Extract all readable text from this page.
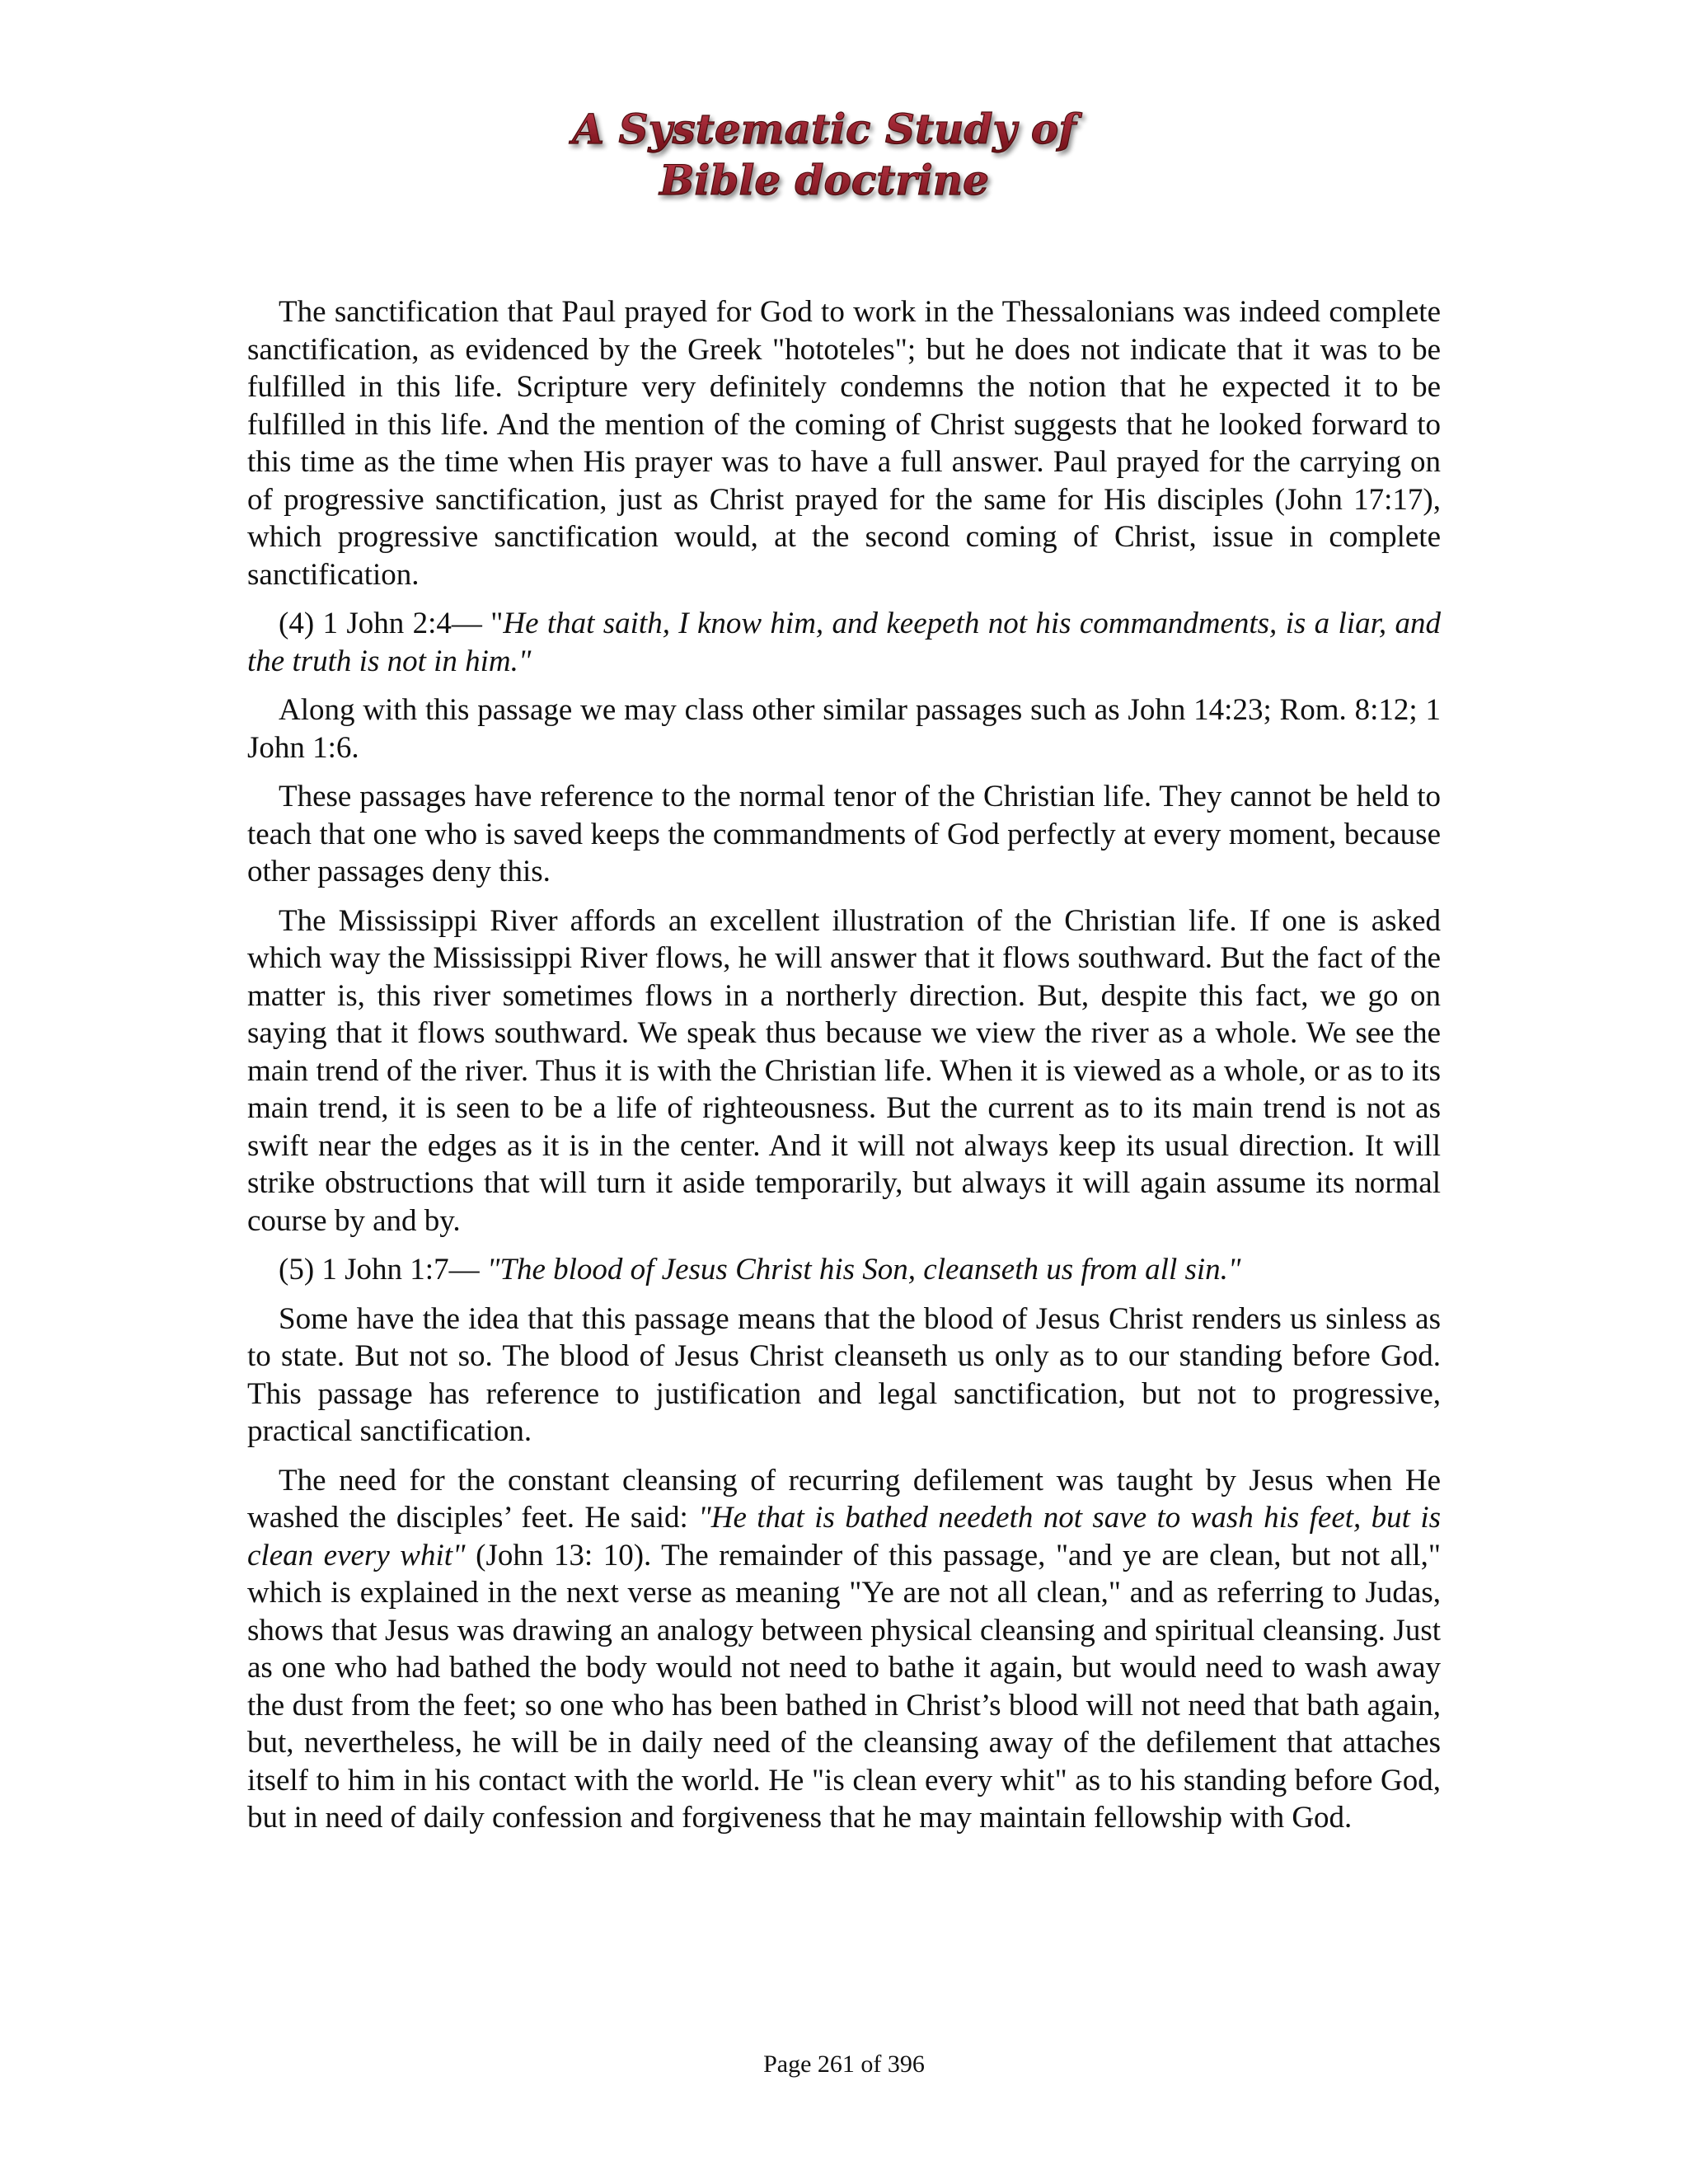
A Systematic Study of
Bible doctrine

The sanctification that Paul prayed for God to work in the Thessalonians was indeed complete sanctification, as evidenced by the Greek "hototeles"; but he does not indicate that it was to be fulfilled in this life. Scripture very definitely condemns the notion that he expected it to be fulfilled in this life. And the mention of the coming of Christ suggests that he looked forward to this time as the time when His prayer was to have a full answer. Paul prayed for the carrying on of progressive sanctification, just as Christ prayed for the same for His disciples (John 17:17), which progressive sanctification would, at the second coming of Christ, issue in complete sanctification.

(4) 1 John 2:4— "He that saith, I know him, and keepeth not his commandments, is a liar, and the truth is not in him."

Along with this passage we may class other similar passages such as John 14:23; Rom. 8:12; 1 John 1:6.

These passages have reference to the normal tenor of the Christian life. They cannot be held to teach that one who is saved keeps the commandments of God perfectly at every moment, because other passages deny this.

The Mississippi River affords an excellent illustration of the Christian life. If one is asked which way the Mississippi River flows, he will answer that it flows southward. But the fact of the matter is, this river sometimes flows in a northerly direction. But, despite this fact, we go on saying that it flows southward. We speak thus because we view the river as a whole. We see the main trend of the river. Thus it is with the Christian life. When it is viewed as a whole, or as to its main trend, it is seen to be a life of righteousness. But the current as to its main trend is not as swift near the edges as it is in the center. And it will not always keep its usual direction. It will strike obstructions that will turn it aside temporarily, but always it will again assume its normal course by and by.

(5) 1 John 1:7— "The blood of Jesus Christ his Son, cleanseth us from all sin."

Some have the idea that this passage means that the blood of Jesus Christ renders us sinless as to state. But not so. The blood of Jesus Christ cleanseth us only as to our standing before God. This passage has reference to justification and legal sanctification, but not to progressive, practical sanctification.

The need for the constant cleansing of recurring defilement was taught by Jesus when He washed the disciples’ feet. He said: "He that is bathed needeth not save to wash his feet, but is clean every whit" (John 13: 10). The remainder of this passage, "and ye are clean, but not all," which is explained in the next verse as meaning "Ye are not all clean," and as referring to Judas, shows that Jesus was drawing an analogy between physical cleansing and spiritual cleansing. Just as one who had bathed the body would not need to bathe it again, but would need to wash away the dust from the feet; so one who has been bathed in Christ’s blood will not need that bath again, but, nevertheless, he will be in daily need of the cleansing away of the defilement that attaches itself to him in his contact with the world. He "is clean every whit" as to his standing before God, but in need of daily confession and forgiveness that he may maintain fellowship with God.

Page 261 of 396
